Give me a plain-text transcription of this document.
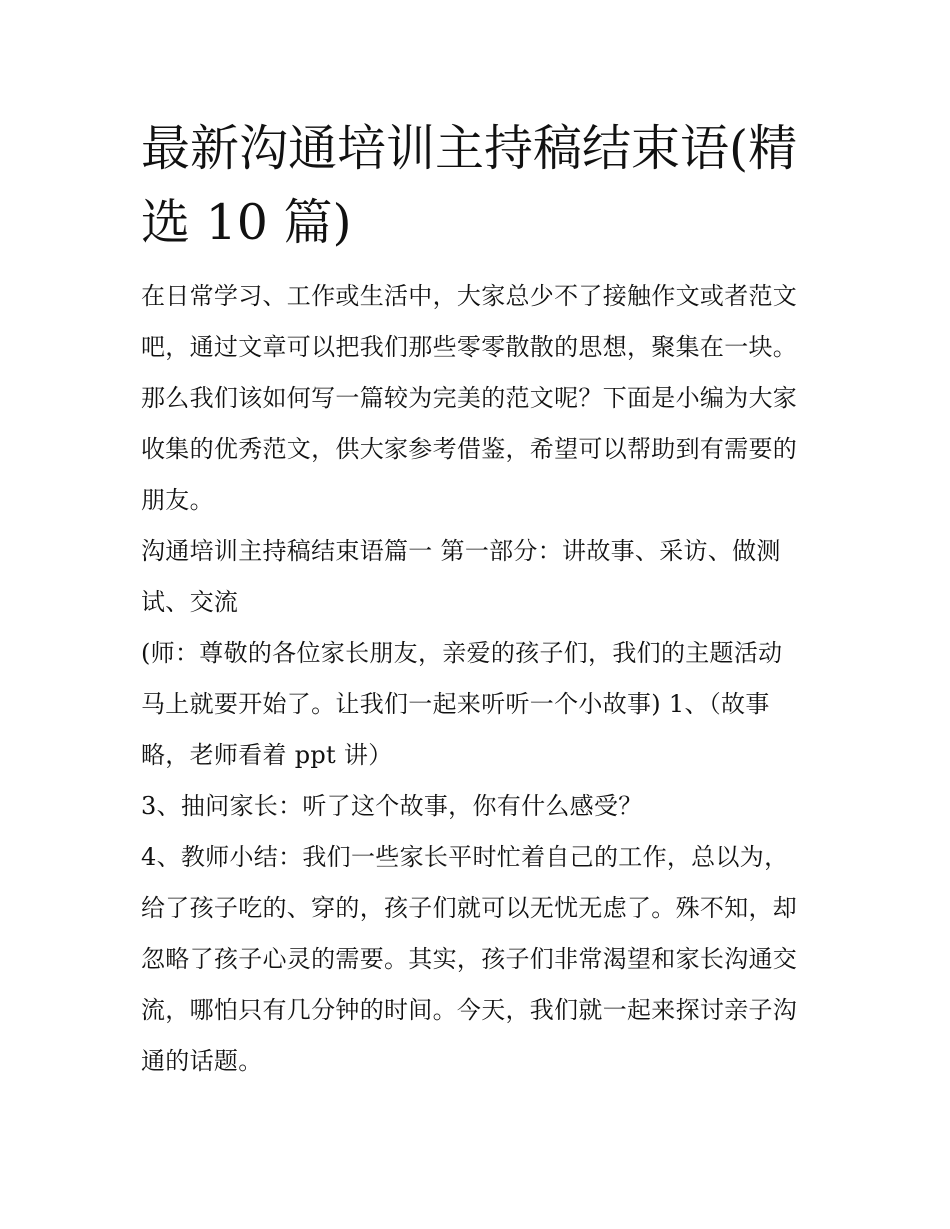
最新沟通培训主持稿结束语(精
选 10 篇)

在日常学习、工作或生活中，大家总少不了接触作文或者范文
吧，通过文章可以把我们那些零零散散的思想，聚集在一块。
那么我们该如何写一篇较为完美的范文呢？下面是小编为大家
收集的优秀范文，供大家参考借鉴，希望可以帮助到有需要的
朋友。

沟通培训主持稿结束语篇一 第一部分：讲故事、采访、做测
试、交流

(师：尊敬的各位家长朋友，亲爱的孩子们，我们的主题活动
马上就要开始了。让我们一起来听听一个小故事) 1、（故事
略，老师看着 ppt 讲）

3、抽问家长：听了这个故事，你有什么感受？

4、教师小结：我们一些家长平时忙着自己的工作，总以为，
给了孩子吃的、穿的，孩子们就可以无忧无虑了。殊不知，却
忽略了孩子心灵的需要。其实，孩子们非常渴望和家长沟通交
流，哪怕只有几分钟的时间。今天，我们就一起来探讨亲子沟
通的话题。
